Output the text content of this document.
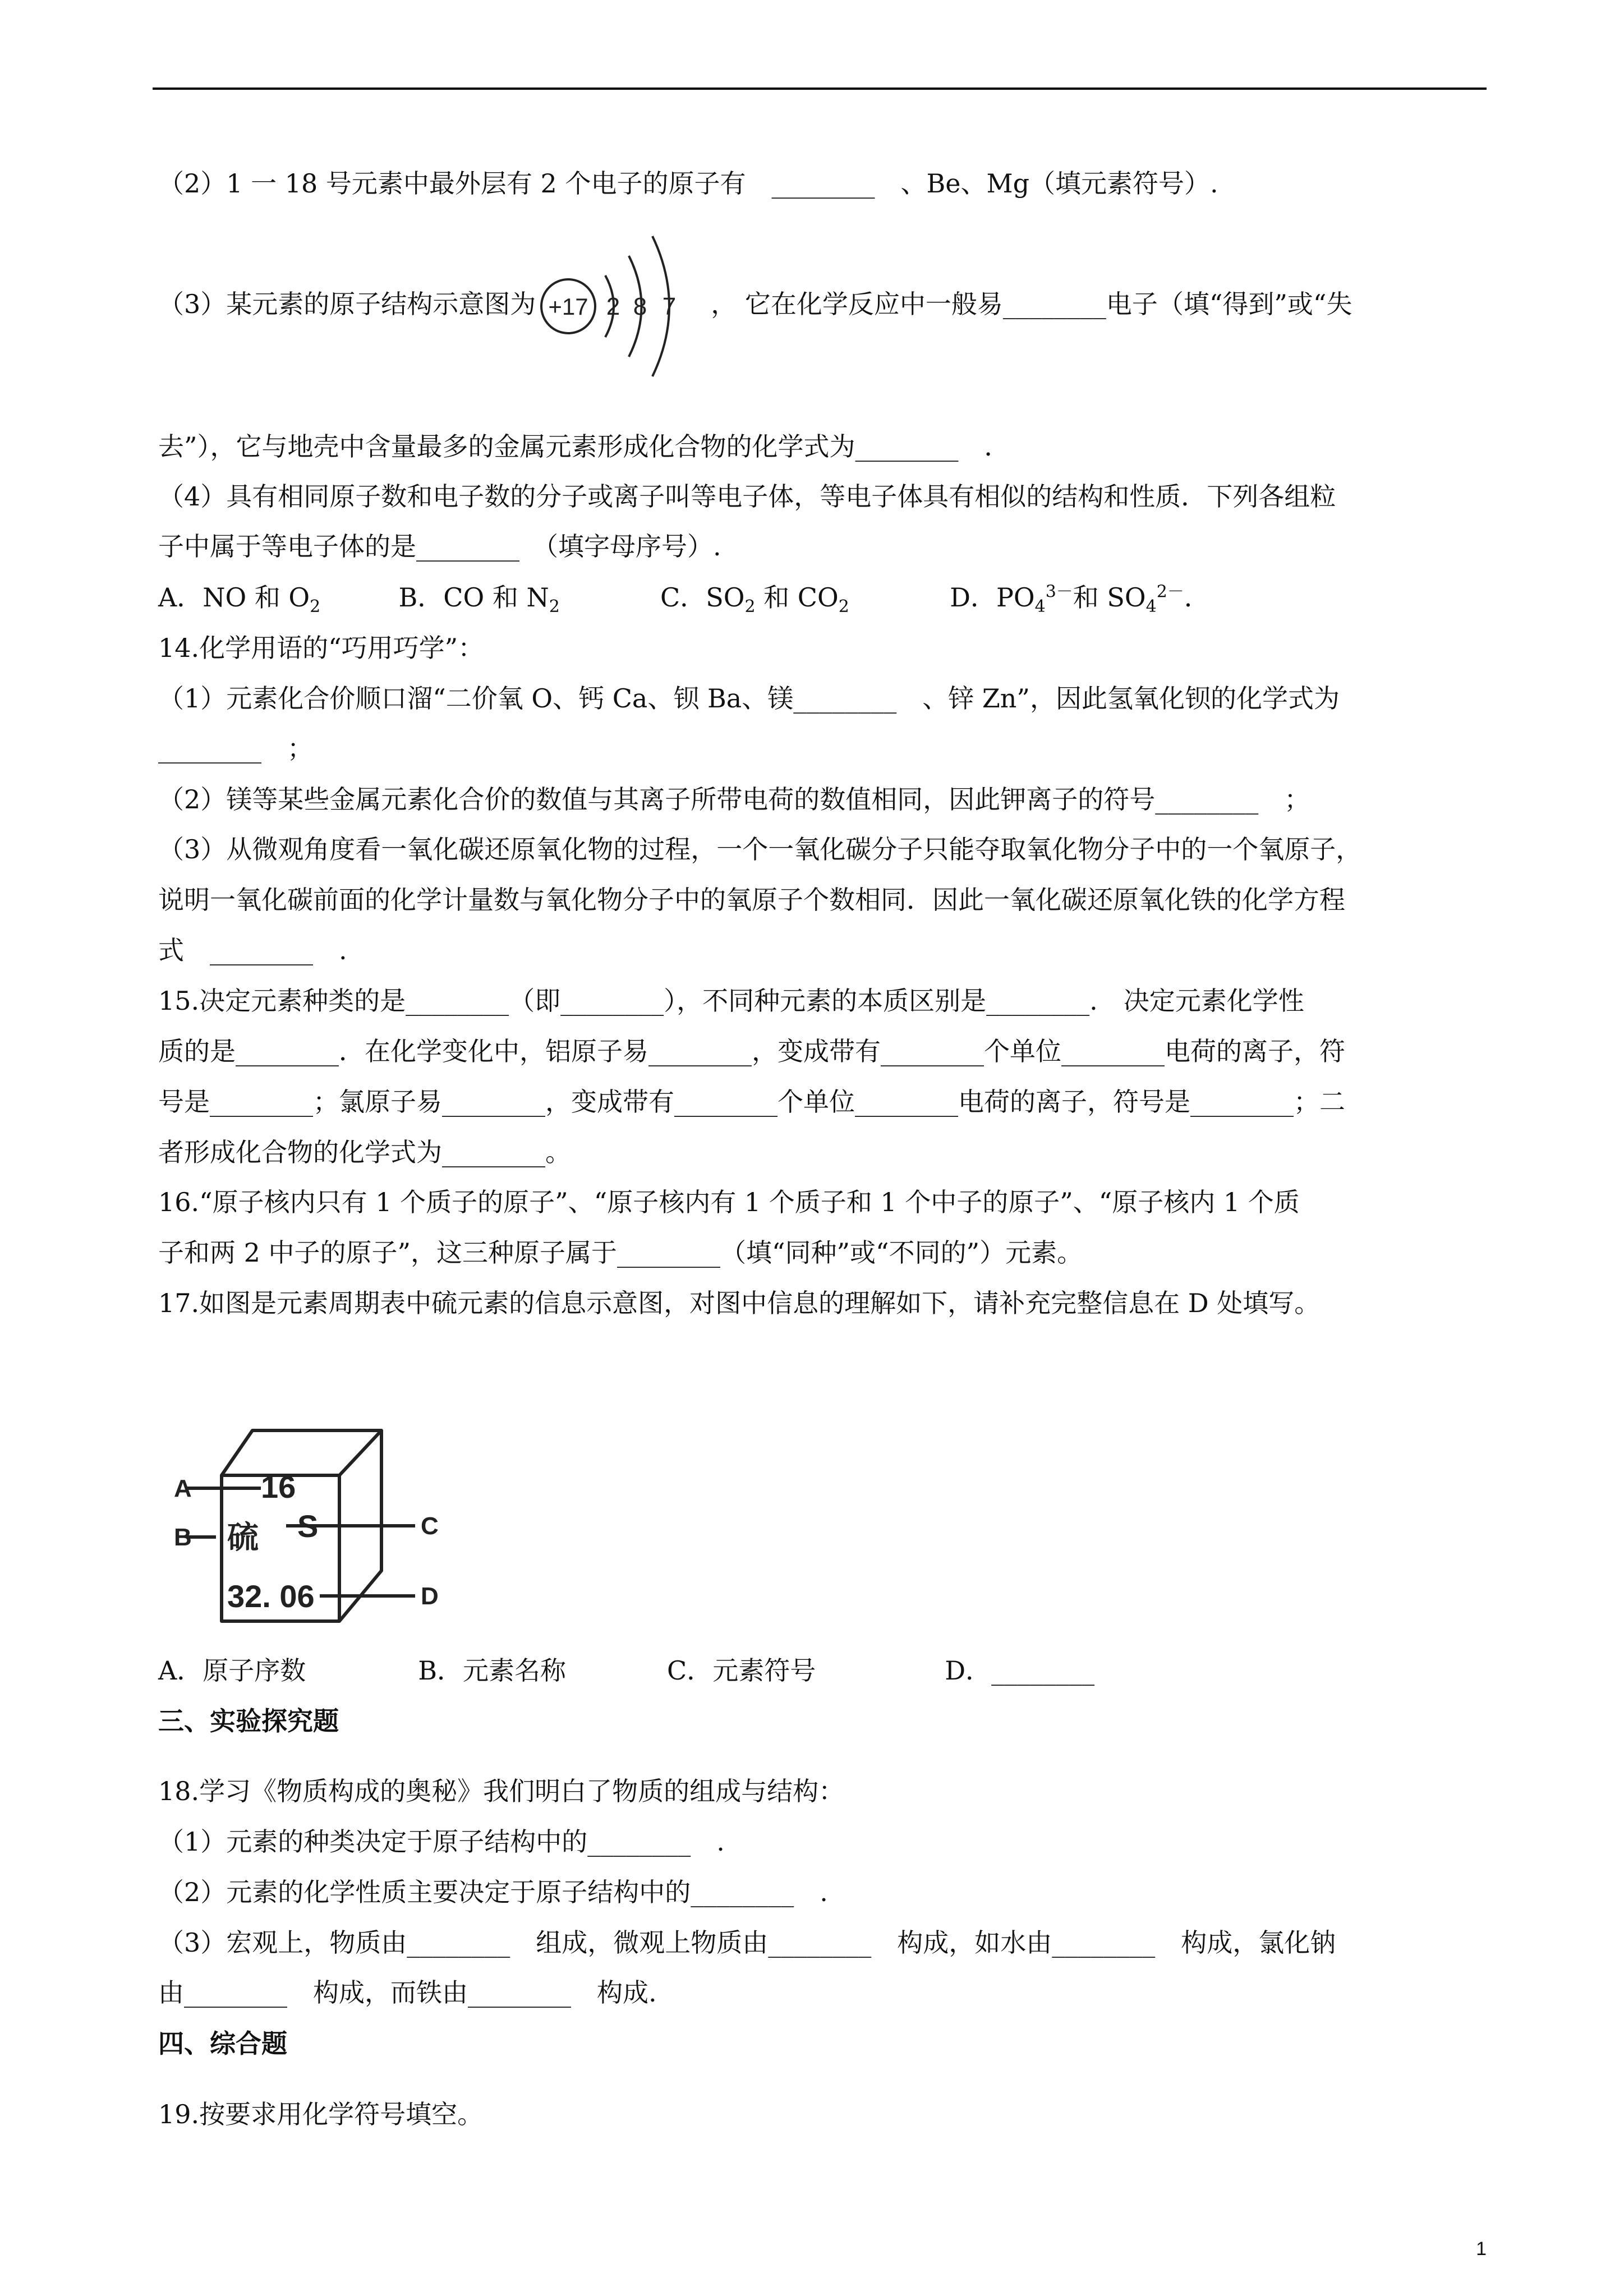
（2）1 一 18 号元素中最外层有 2 个电子的原子有　________　、Be、Mg（填元素符号）.
（3）某元素的原子结构示意图为 +17 2 8 7 ， 它在化学反应中一般易________电子（填“得到”或“失
去”），它与地壳中含量最多的金属元素形成化合物的化学式为________　．
（4）具有相同原子数和电子数的分子或离子叫等电子体，等电子体具有相似的结构和性质．下列各组粒
子中属于等电子体的是________　（填字母序号）.
A．NO 和 $O_2$	B．CO 和 $N_2$	C．$SO_2$ 和 $CO_2$	D．$PO_4^{3-}$和 $SO_4^{2-}$．
14.化学用语的“巧用巧学”：
（1）元素化合价顺口溜“二价氧 O、钙 Ca、钡 Ba、镁________　、锌 Zn”，因此氢氧化钡的化学式为
________　；
（2）镁等某些金属元素化合价的数值与其离子所带电荷的数值相同，因此钾离子的符号________　；
（3）从微观角度看一氧化碳还原氧化物的过程，一个一氧化碳分子只能夺取氧化物分子中的一个氧原子，
说明一氧化碳前面的化学计量数与氧化物分子中的氧原子个数相同．因此一氧化碳还原氧化铁的化学方程
式　________　.
15.决定元素种类的是________（即________），不同种元素的本质区别是________.　决定元素化学性
质的是________．在化学变化中，铝原子易________，变成带有________个单位________电荷的离子，符
号是________；氯原子易________，变成带有________个单位________电荷的离子，符号是________；二
者形成化合物的化学式为________。
16.“原子核内只有 1 个质子的原子”、“原子核内有 1 个质子和 1 个中子的原子”、“原子核内 1 个质
子和两 2 中子的原子”，这三种原子属于________（填“同种”或“不同的”）元素。
17.如图是元素周期表中硫元素的信息示意图，对图中信息的理解如下，请补充完整信息在 D 处填写。
A
B	C
D
16
硫 S
32. 06
A．原子序数	B．元素名称	C．元素符号	D．________
三、实验探究题
18.学习《物质构成的奥秘》我们明白了物质的组成与结构：
（1）元素的种类决定于原子结构中的________　.
（2）元素的化学性质主要决定于原子结构中的________　.
（3）宏观上，物质由________　组成，微观上物质由________　构成，如水由________　构成，氯化钠
由________　构成，而铁由________　构成.
四、综合题
19.按要求用化学符号填空。
1
